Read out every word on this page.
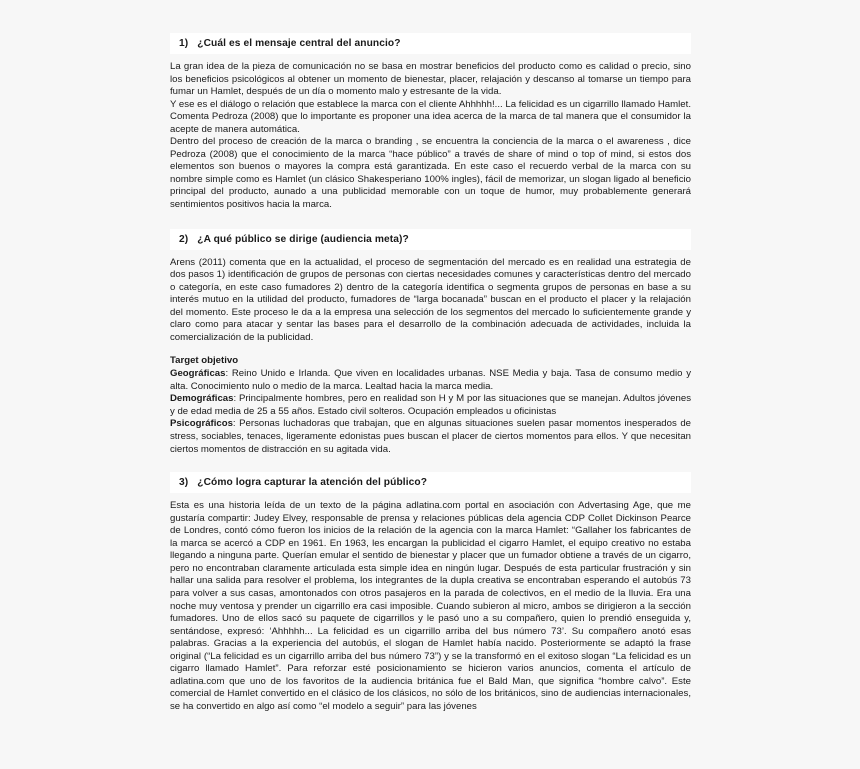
1) ¿Cuál es el mensaje central del anuncio?

La gran idea de la pieza de comunicación no se basa en mostrar beneficios del producto como es calidad o precio, sino los beneficios psicológicos al obtener un momento de bienestar, placer, relajación y descanso al tomarse un tiempo para fumar un Hamlet, después de un día o momento malo y estresante de la vida.

Y ese es el diálogo o relación que establece la marca con el cliente Ahhhhh!... La felicidad es un cigarrillo llamado Hamlet. Comenta Pedroza (2008) que lo importante es proponer una idea acerca de la marca de tal manera que el consumidor la acepte de manera automática.

Dentro del proceso de creación de la marca o branding , se encuentra la conciencia de la marca o el awareness , dice Pedroza (2008) que el conocimiento de la marca “hace público” a través de share of mind o top of mind, si estos dos elementos son buenos o mayores la compra está garantizada. En este caso el recuerdo verbal de la marca con su nombre simple como es Hamlet (un clásico Shakesperiano 100% ingles), fácil de memorizar, un slogan ligado al beneficio principal del producto, aunado a una publicidad memorable con un toque de humor, muy probablemente generará sentimientos positivos hacia la marca.

2) ¿A qué público se dirige (audiencia meta)?

Arens (2011) comenta que en la actualidad, el proceso de segmentación del mercado es en realidad una estrategia de dos pasos 1) identificación de grupos de personas con ciertas necesidades comunes y características dentro del mercado o categoría, en este caso fumadores 2) dentro de la categoría identifica o segmenta grupos de personas en base a su interés mutuo en la utilidad del producto, fumadores de “larga bocanada” buscan en el producto el placer y la relajación del momento. Este proceso le da a la empresa una selección de los segmentos del mercado lo suficientemente grande y claro como para atacar y sentar las bases para el desarrollo de la combinación adecuada de actividades, incluida la comercialización de la publicidad.

Target objetivo
Geográficas: Reino Unido e Irlanda. Que viven en localidades urbanas. NSE Media y baja. Tasa de consumo medio y alta. Conocimiento nulo o medio de la marca. Lealtad hacia la marca media.
Demográficas: Principalmente hombres, pero en realidad son H y M por las situaciones que se manejan. Adultos jóvenes y de edad media de 25 a 55 años. Estado civil solteros. Ocupación empleados u oficinistas
Psicográficos: Personas luchadoras que trabajan, que en algunas situaciones suelen pasar momentos inesperados de stress, sociables, tenaces, ligeramente edonistas pues buscan el placer de ciertos momentos para ellos. Y que necesitan ciertos momentos de distracción en su agitada vida.
3) ¿Cómo logra capturar la atención del público?

Esta es una historia leída de un texto de la página adlatina.com portal en asociación con Advertasing Age, que me gustaría compartir: Judey Elvey, responsable de prensa y relaciones públicas dela agencia CDP Collet Dickinson Pearce de Londres, contó cómo fueron los inicios de la relación de la agencia con la marca Hamlet: “Gallaher los fabricantes de la marca se acercó a CDP en 1961. En 1963, les encargan la publicidad el cigarro Hamlet, el equipo creativo no estaba llegando a ninguna parte. Querían emular el sentido de bienestar y placer que un fumador obtiene a través de un cigarro, pero no encontraban claramente articulada esta simple idea en ningún lugar. Después de esta particular frustración y sin hallar una salida para resolver el problema, los integrantes de la dupla creativa se encontraban esperando el autobús 73 para volver a sus casas, amontonados con otros pasajeros en la parada de colectivos, en el medio de la lluvia. Era una noche muy ventosa y prender un cigarrillo era casi imposible. Cuando subieron al micro, ambos se dirigieron a la sección fumadores. Uno de ellos sacó su paquete de cigarrillos y le pasó uno a su compañero, quien lo prendió enseguida y, sentándose, expresó: ‘Ahhhhh... La felicidad es un cigarrillo arriba del bus número 73’. Su compañero anotó esas palabras. Gracias a la experiencia del autobús, el slogan de Hamlet había nacido. Posteriormente se adaptó la frase original (“La felicidad es un cigarrillo arriba del bus número 73”) y se la transformó en el exitoso slogan “La felicidad es un cigarro llamado Hamlet”. Para reforzar esté posicionamiento se hicieron varios anuncios, comenta el artículo de adlatina.com que uno de los favoritos de la audiencia británica fue el Bald Man, que significa “hombre calvo”. Este comercial de Hamlet convertido en el clásico de los clásicos, no sólo de los británicos, sino de audiencias internacionales, se ha convertido en algo así como “el modelo a seguir” para las jóvenes
